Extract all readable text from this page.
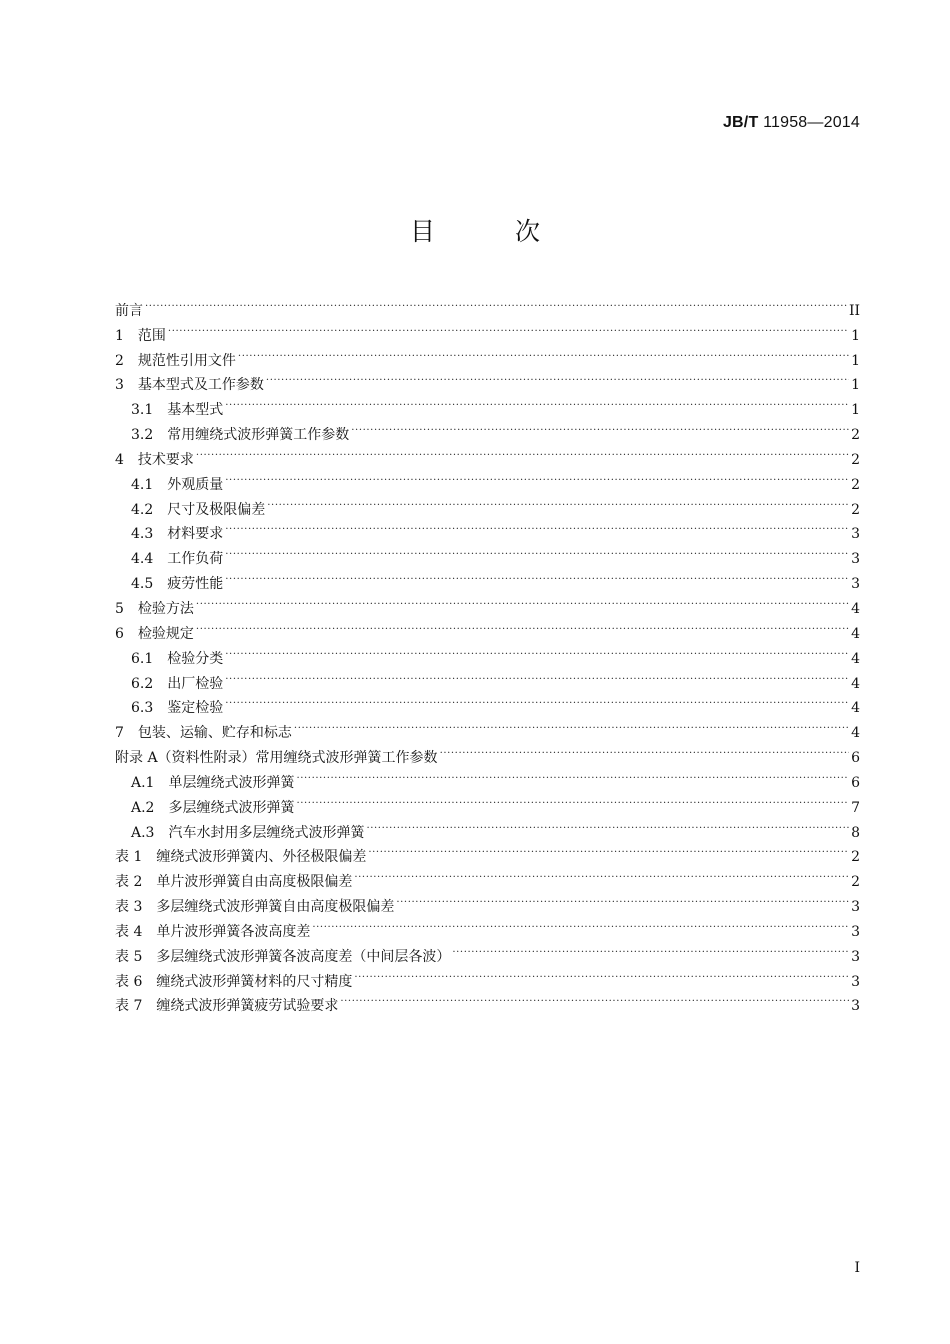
JB/T 11958—2014
目 次
前言 .....	II
1 范围 .....	1
2 规范性引用文件 .....	1
3 基本型式及工作参数 .....	1
3.1 基本型式 .....	1
3.2 常用缠绕式波形弹簧工作参数 .....	2
4 技术要求 .....	2
4.1 外观质量 .....	2
4.2 尺寸及极限偏差 .....	2
4.3 材料要求 .....	3
4.4 工作负荷 .....	3
4.5 疲劳性能 .....	3
5 检验方法 .....	4
6 检验规定 .....	4
6.1 检验分类 .....	4
6.2 出厂检验 .....	4
6.3 鉴定检验 .....	4
7 包装、运输、贮存和标志 .....	4
附录 A（资料性附录）常用缠绕式波形弹簧工作参数 .....	6
A.1 单层缠绕式波形弹簧 .....	6
A.2 多层缠绕式波形弹簧 .....	7
A.3 汽车水封用多层缠绕式波形弹簧 .....	8
表 1 缠绕式波形弹簧内、外径极限偏差 .....	2
表 2 单片波形弹簧自由高度极限偏差 .....	2
表 3 多层缠绕式波形弹簧自由高度极限偏差 .....	3
表 4 单片波形弹簧各波高度差 .....	3
表 5 多层缠绕式波形弹簧各波高度差（中间层各波） .....	3
表 6 缠绕式波形弹簧材料的尺寸精度 .....	3
表 7 缠绕式波形弹簧疲劳试验要求 .....	3
I
